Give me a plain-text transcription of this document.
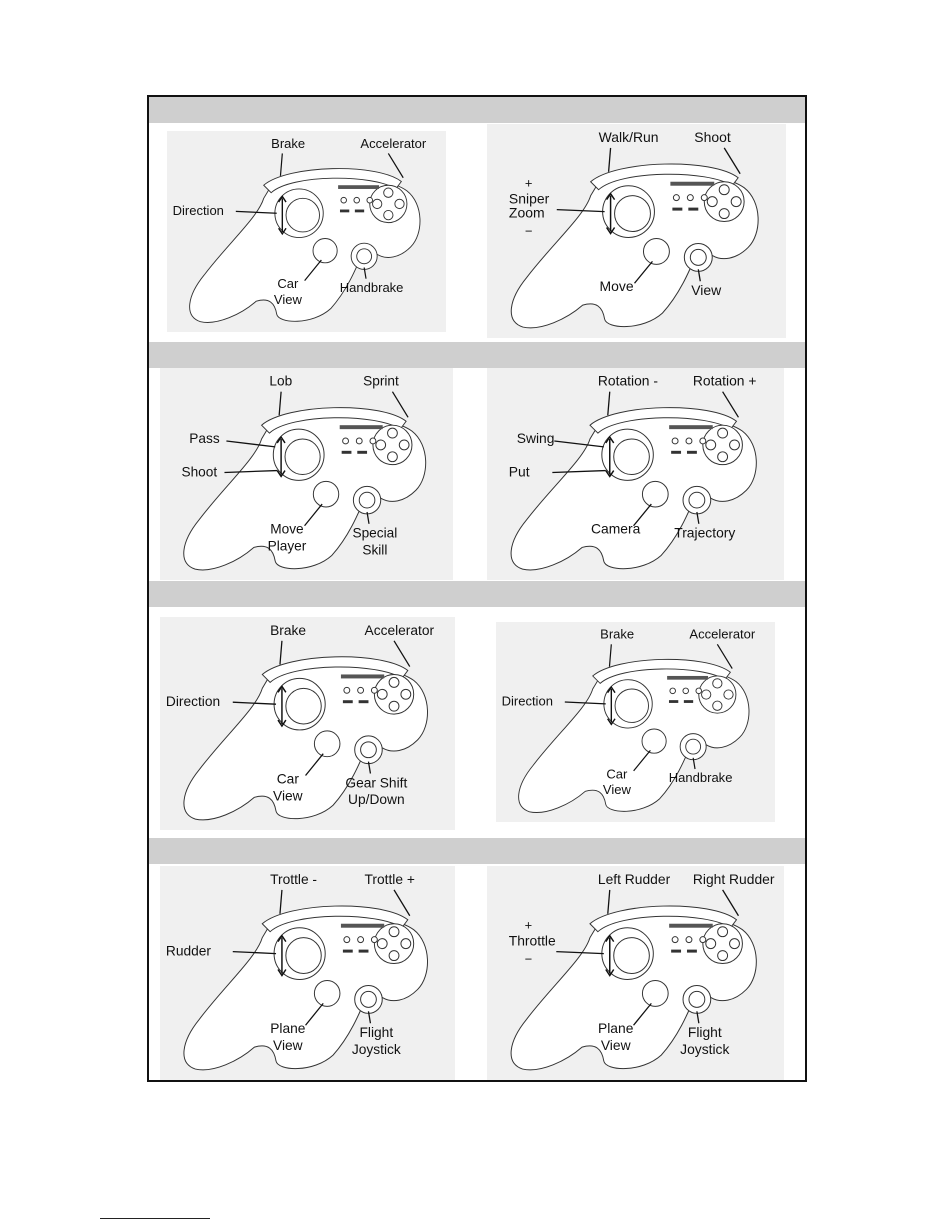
Brake	Accelerator
Direction
Car
View
Handbrake
Walk/Run	Shoot
+
Sniper
Zoom
−
Move	View
Lob	Sprint
Pass
Shoot
Move
Player
Special
Skill
Rotation - Rotation +
Swing
Put
Camera Trajectory
Brake	Accelerator
Direction
Car
View
Gear Shift
Up/Down
Brake	Accelerator
Direction
Car
View
Handbrake
Trottle -	Trottle +
Rudder
Plane
View
Flight
Joystick
Left Rudder Right Rudder
+
Throttle
−
Plane
View
Flight
Joystick
